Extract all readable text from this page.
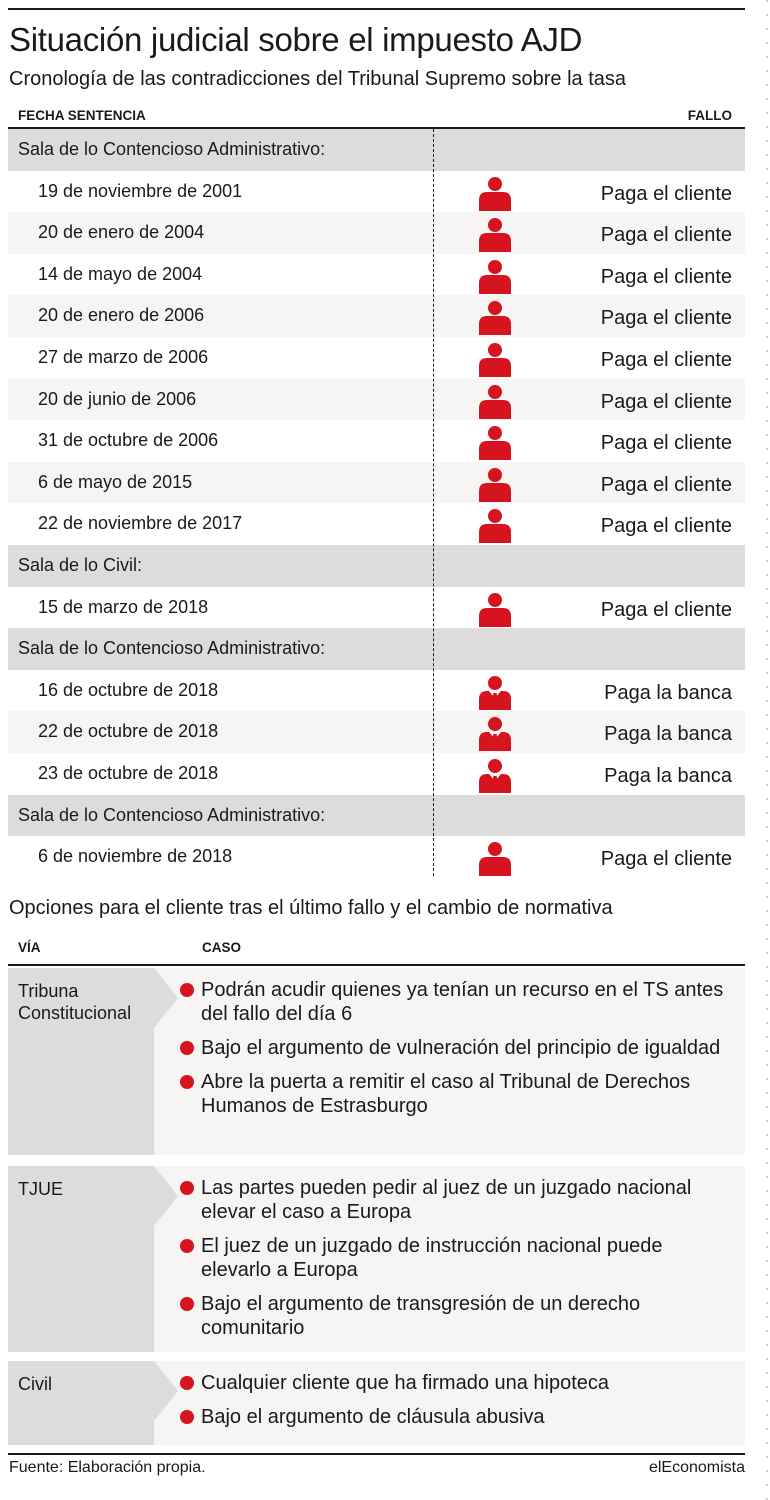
Situación judicial sobre el impuesto AJD
Cronología de las contradicciones del Tribunal Supremo sobre la tasa
FECHA SENTENCIA	FALLO
Sala de lo Contencioso Administrativo:
19 de noviembre de 2001	Paga el cliente
20 de enero de 2004	Paga el cliente
14 de mayo de 2004	Paga el cliente
20 de enero de 2006	Paga el cliente
27 de marzo de 2006	Paga el cliente
20 de junio de 2006	Paga el cliente
31 de octubre de 2006	Paga el cliente
6 de mayo de 2015	Paga el cliente
22 de noviembre de 2017	Paga el cliente
Sala de lo Civil:
15 de marzo de 2018	Paga el cliente
Sala de lo Contencioso Administrativo:
16 de octubre de 2018	Paga la banca
22 de octubre de 2018	Paga la banca
23 de octubre de 2018	Paga la banca
Sala de lo Contencioso Administrativo:
6 de noviembre de 2018	Paga el cliente
Opciones para el cliente tras el último fallo y el cambio de normativa
VÍA	CASO
Tribuna Constitucional
Podrán acudir quienes ya tenían un recurso en el TS antes del fallo del día 6
Bajo el argumento de vulneración del principio de igualdad
Abre la puerta a remitir el caso al Tribunal de Derechos Humanos de Estrasburgo
TJUE	Las partes pueden pedir al juez de un juzgado nacional elevar el caso a Europa
El juez de un juzgado de instrucción nacional puede elevarlo a Europa
Bajo el argumento de transgresión de un derecho comunitario
Civil	Cualquier cliente que ha firmado una hipoteca
Bajo el argumento de cláusula abusiva
Fuente: Elaboración propia.	elEconomista
